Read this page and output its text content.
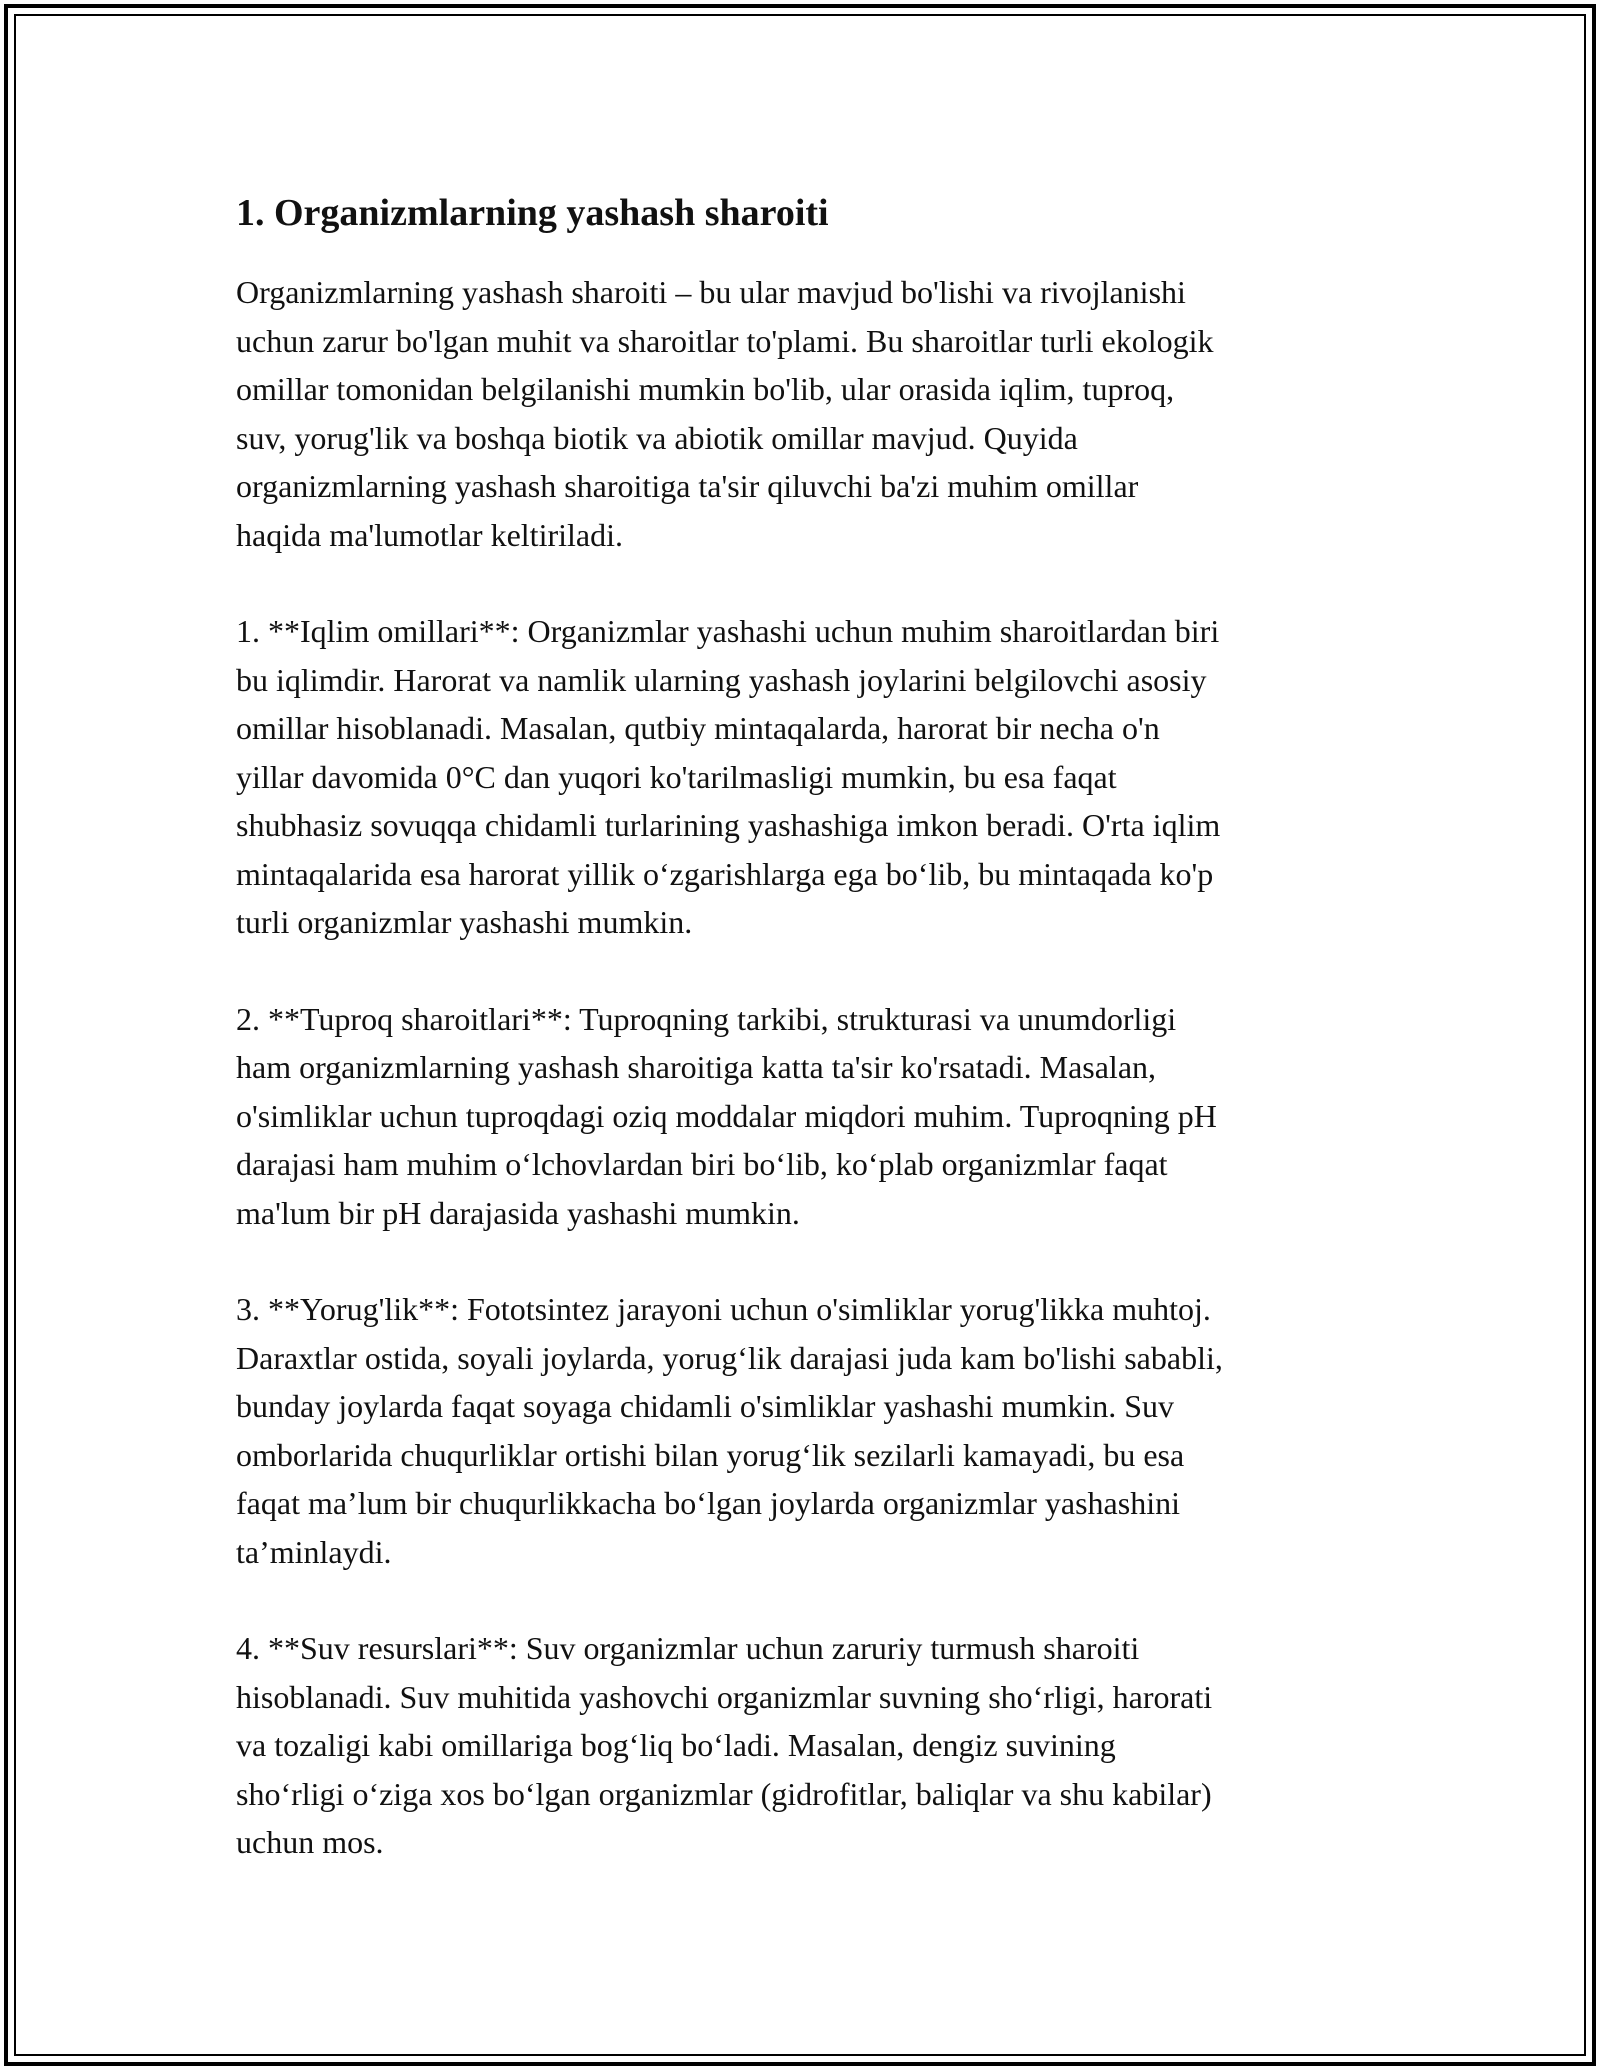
1. Organizmlarning yashash sharoiti

Organizmlarning yashash sharoiti – bu ular mavjud bo'lishi va rivojlanishi
uchun zarur bo'lgan muhit va sharoitlar to'plami. Bu sharoitlar turli ekologik
omillar tomonidan belgilanishi mumkin bo'lib, ular orasida iqlim, tuproq,
suv, yorug'lik va boshqa biotik va abiotik omillar mavjud. Quyida
organizmlarning yashash sharoitiga ta'sir qiluvchi ba'zi muhim omillar
haqida ma'lumotlar keltiriladi.

1. **Iqlim omillari**: Organizmlar yashashi uchun muhim sharoitlardan biri
bu iqlimdir. Harorat va namlik ularning yashash joylarini belgilovchi asosiy
omillar hisoblanadi. Masalan, qutbiy mintaqalarda, harorat bir necha o'n
yillar davomida 0°C dan yuqori ko'tarilmasligi mumkin, bu esa faqat
shubhasiz sovuqqa chidamli turlarining yashashiga imkon beradi. O'rta iqlim
mintaqalarida esa harorat yillik oʻzgarishlarga ega boʻlib, bu mintaqada ko'p
turli organizmlar yashashi mumkin.

2. **Tuproq sharoitlari**: Tuproqning tarkibi, strukturasi va unumdorligi
ham organizmlarning yashash sharoitiga katta ta'sir ko'rsatadi. Masalan,
o'simliklar uchun tuproqdagi oziq moddalar miqdori muhim. Tuproqning pH
darajasi ham muhim oʻlchovlardan biri boʻlib, koʻplab organizmlar faqat
ma'lum bir pH darajasida yashashi mumkin.

3. **Yorug'lik**: Fototsintez jarayoni uchun o'simliklar yorug'likka muhtoj.
Daraxtlar ostida, soyali joylarda, yorugʻlik darajasi juda kam bo'lishi sababli,
bunday joylarda faqat soyaga chidamli o'simliklar yashashi mumkin. Suv
omborlarida chuqurliklar ortishi bilan yorugʻlik sezilarli kamayadi, bu esa
faqat ma’lum bir chuqurlikkacha boʻlgan joylarda organizmlar yashashini
ta’minlaydi.

4. **Suv resurslari**: Suv organizmlar uchun zaruriy turmush sharoiti
hisoblanadi. Suv muhitida yashovchi organizmlar suvning shoʻrligi, harorati
va tozaligi kabi omillariga bogʻliq boʻladi. Masalan, dengiz suvining
shoʻrligi oʻziga xos boʻlgan organizmlar (gidrofitlar, baliqlar va shu kabilar)
uchun mos.
